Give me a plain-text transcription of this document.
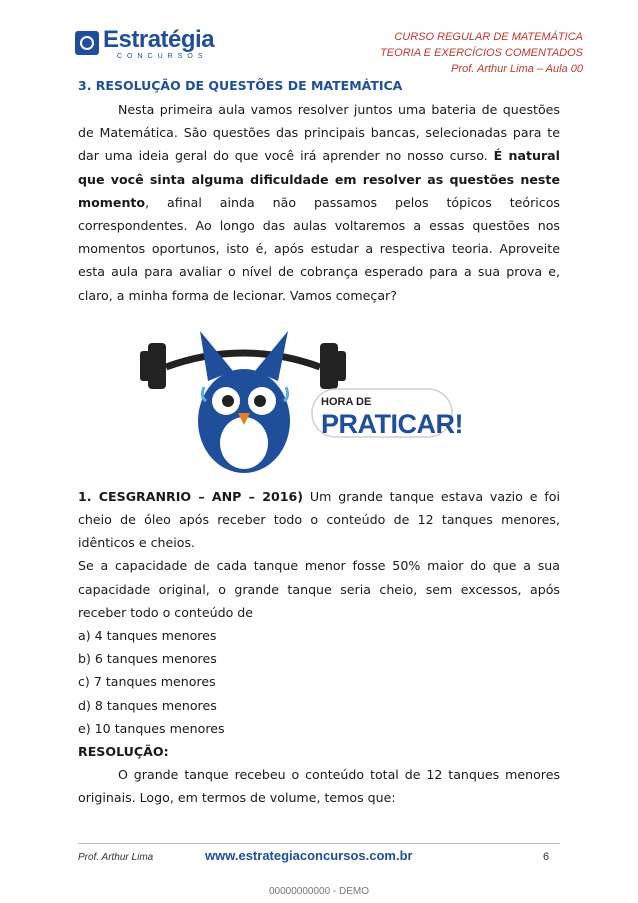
Estratégia
CONCURSOS
CURSO REGULAR DE MATEMÁTICA
TEORIA E EXERCÍCIOS COMENTADOS
Prof. Arthur Lima – Aula 00
3. RESOLUÇÃO DE QUESTÕES DE MATEMÁTICA

Nesta primeira aula vamos resolver juntos uma bateria de questões de Matemática. São questões das principais bancas, selecionadas para te dar uma ideia geral do que você irá aprender no nosso curso. É natural que você sinta alguma dificuldade em resolver as questões neste momento, afinal ainda não passamos pelos tópicos teóricos correspondentes. Ao longo das aulas voltaremos a essas questões nos momentos oportunos, isto é, após estudar a respectiva teoria. Aproveite esta aula para avaliar o nível de cobrança esperado para a sua prova e, claro, a minha forma de lecionar. Vamos começar?

HORA DE
PRATICAR!

1. CESGRANRIO – ANP – 2016) Um grande tanque estava vazio e foi cheio de óleo após receber todo o conteúdo de 12 tanques menores, idênticos e cheios.

Se a capacidade de cada tanque menor fosse 50% maior do que a sua capacidade original, o grande tanque seria cheio, sem excessos, após receber todo o conteúdo de

a) 4 tanques menores

b) 6 tanques menores

c) 7 tanques menores

d) 8 tanques menores

e) 10 tanques menores

RESOLUÇÃO:

O grande tanque recebeu o conteúdo total de 12 tanques menores originais. Logo, em termos de volume, temos que:

Prof. Arthur Lima	www.estrategiaconcursos.com.br	6
00000000000 - DEMO
